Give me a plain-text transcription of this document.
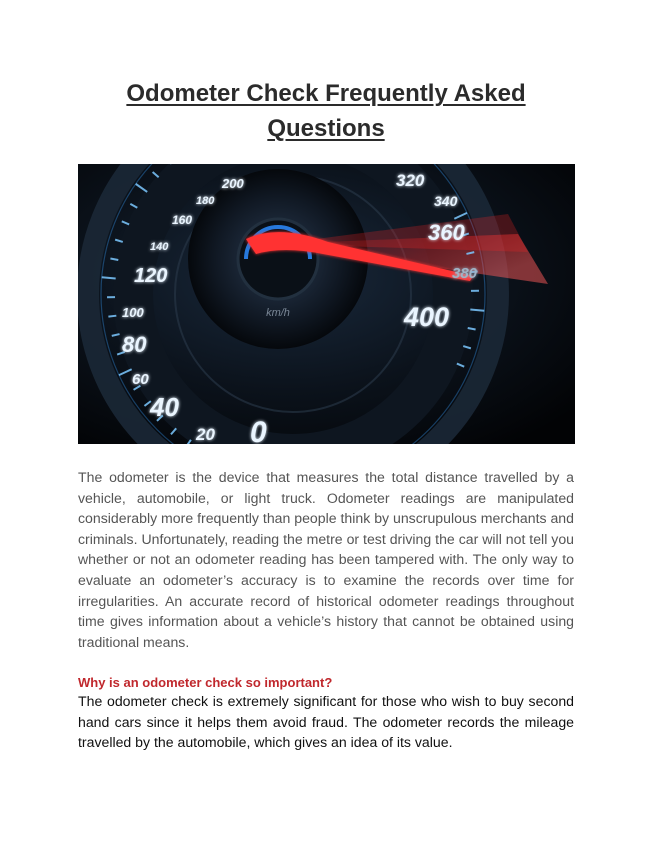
Odometer Check Frequently Asked Questions
km/h
0
20
40
60
80
100
120
140
160
180
200	320
340
360
380
400

The odometer is the device that measures the total distance travelled by a vehicle, automobile, or light truck. Odometer readings are manipulated considerably more frequently than people think by unscrupulous merchants and criminals. Unfortunately, reading the metre or test driving the car will not tell you whether or not an odometer reading has been tampered with. The only way to evaluate an odometer’s accuracy is to examine the records over time for irregularities. An accurate record of historical odometer readings throughout time gives information about a vehicle’s history that cannot be obtained using traditional means.

Why is an odometer check so important?

The odometer check is extremely significant for those who wish to buy second hand cars since it helps them avoid fraud. The odometer records the mileage travelled by the automobile, which gives an idea of its value.
